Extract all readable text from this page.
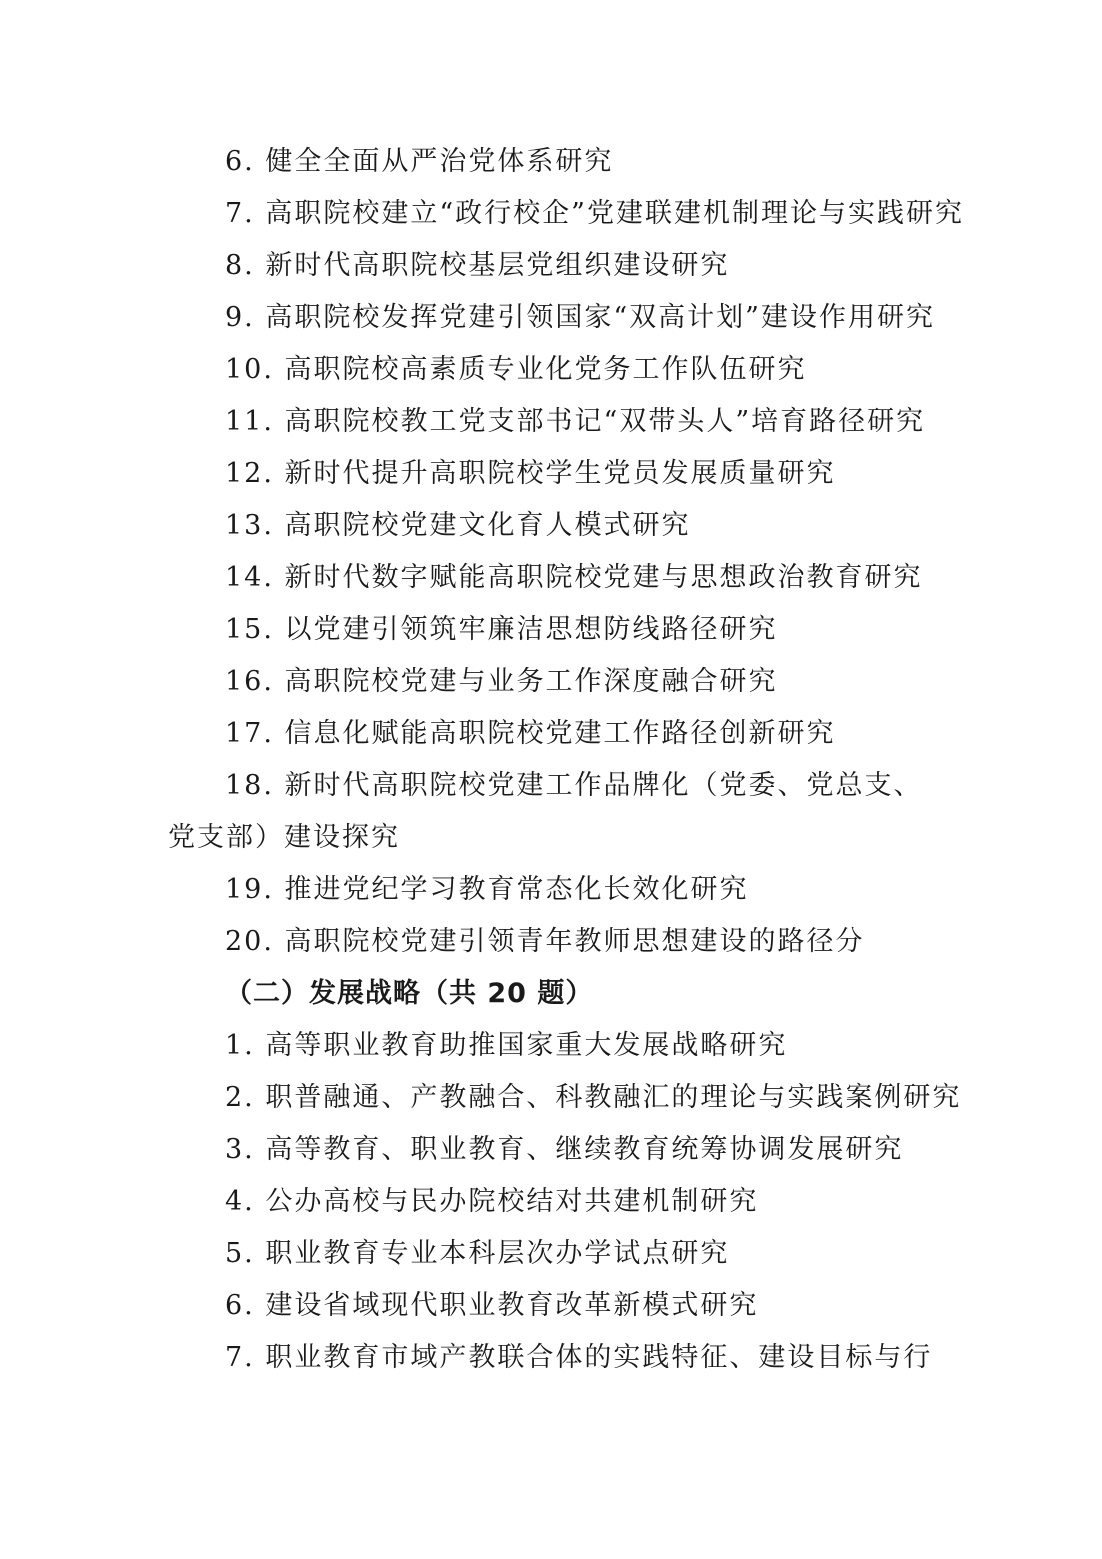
6. 健全全面从严治党体系研究
7. 高职院校建立“政行校企”党建联建机制理论与实践研究
8. 新时代高职院校基层党组织建设研究
9. 高职院校发挥党建引领国家“双高计划”建设作用研究
10. 高职院校高素质专业化党务工作队伍研究
11. 高职院校教工党支部书记“双带头人”培育路径研究
12. 新时代提升高职院校学生党员发展质量研究
13. 高职院校党建文化育人模式研究
14. 新时代数字赋能高职院校党建与思想政治教育研究
15. 以党建引领筑牢廉洁思想防线路径研究
16. 高职院校党建与业务工作深度融合研究
17. 信息化赋能高职院校党建工作路径创新研究
18. 新时代高职院校党建工作品牌化（党委、党总支、
党支部）建设探究
19. 推进党纪学习教育常态化长效化研究
20. 高职院校党建引领青年教师思想建设的路径分
（二）发展战略（共 20 题）
1. 高等职业教育助推国家重大发展战略研究
2. 职普融通、产教融合、科教融汇的理论与实践案例研究
3. 高等教育、职业教育、继续教育统筹协调发展研究
4. 公办高校与民办院校结对共建机制研究
5. 职业教育专业本科层次办学试点研究
6. 建设省域现代职业教育改革新模式研究
7. 职业教育市域产教联合体的实践特征、建设目标与行
